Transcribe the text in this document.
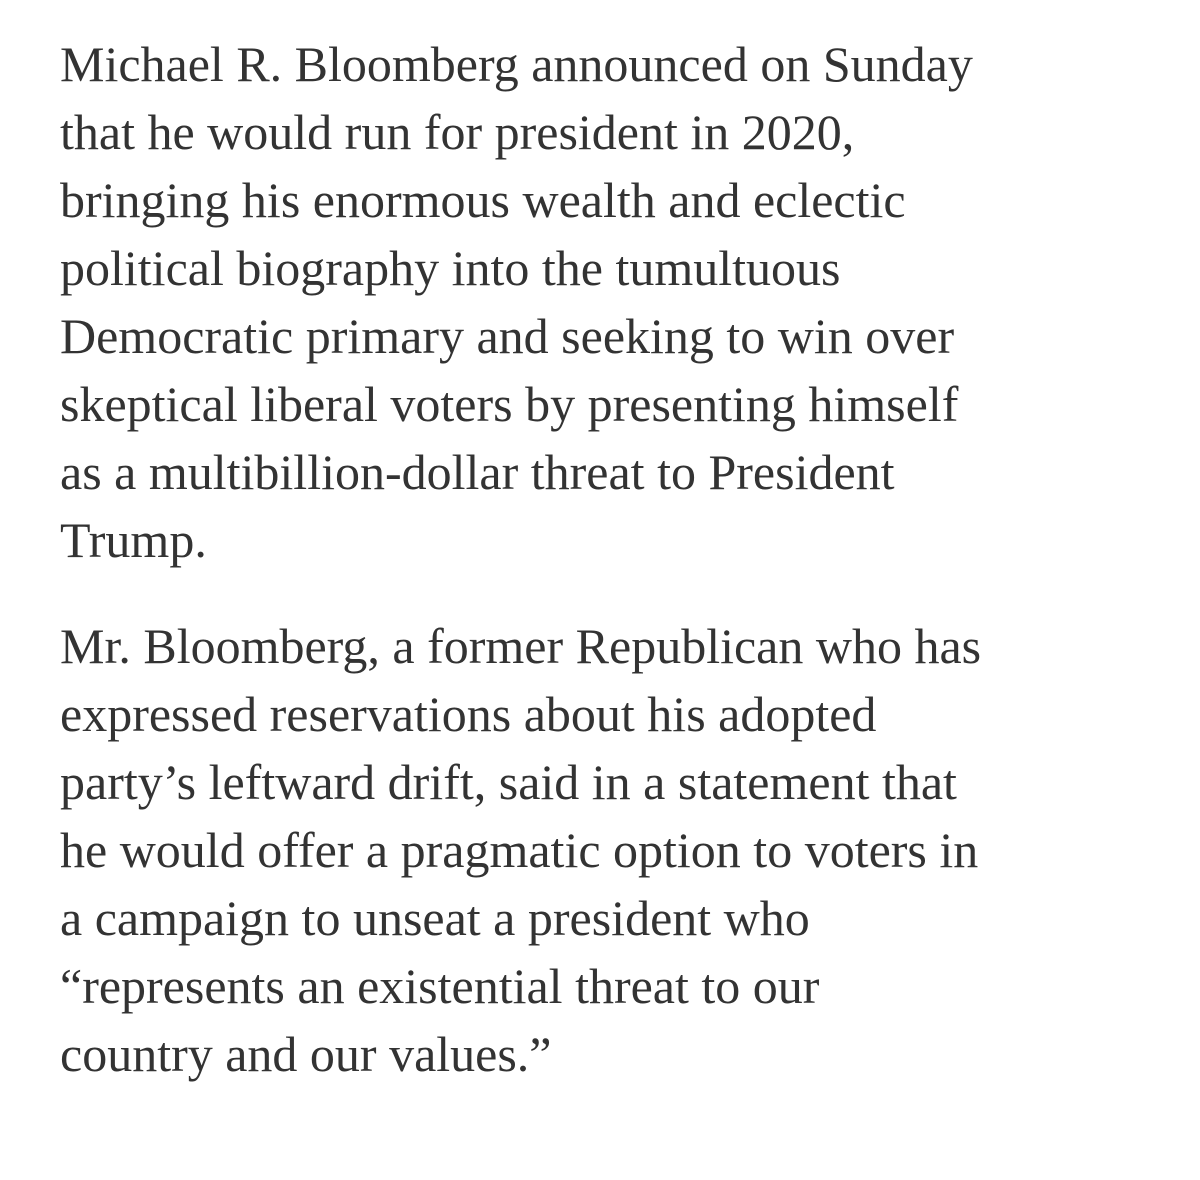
Michael R. Bloomberg announced on Sunday
that he would run for president in 2020,
bringing his enormous wealth and eclectic
political biography into the tumultuous
Democratic primary and seeking to win over
skeptical liberal voters by presenting himself
as a multibillion-dollar threat to President
Trump.

Mr. Bloomberg, a former Republican who has
expressed reservations about his adopted
party’s leftward drift, said in a statement that
he would offer a pragmatic option to voters in
a campaign to unseat a president who
“represents an existential threat to our
country and our values.”
